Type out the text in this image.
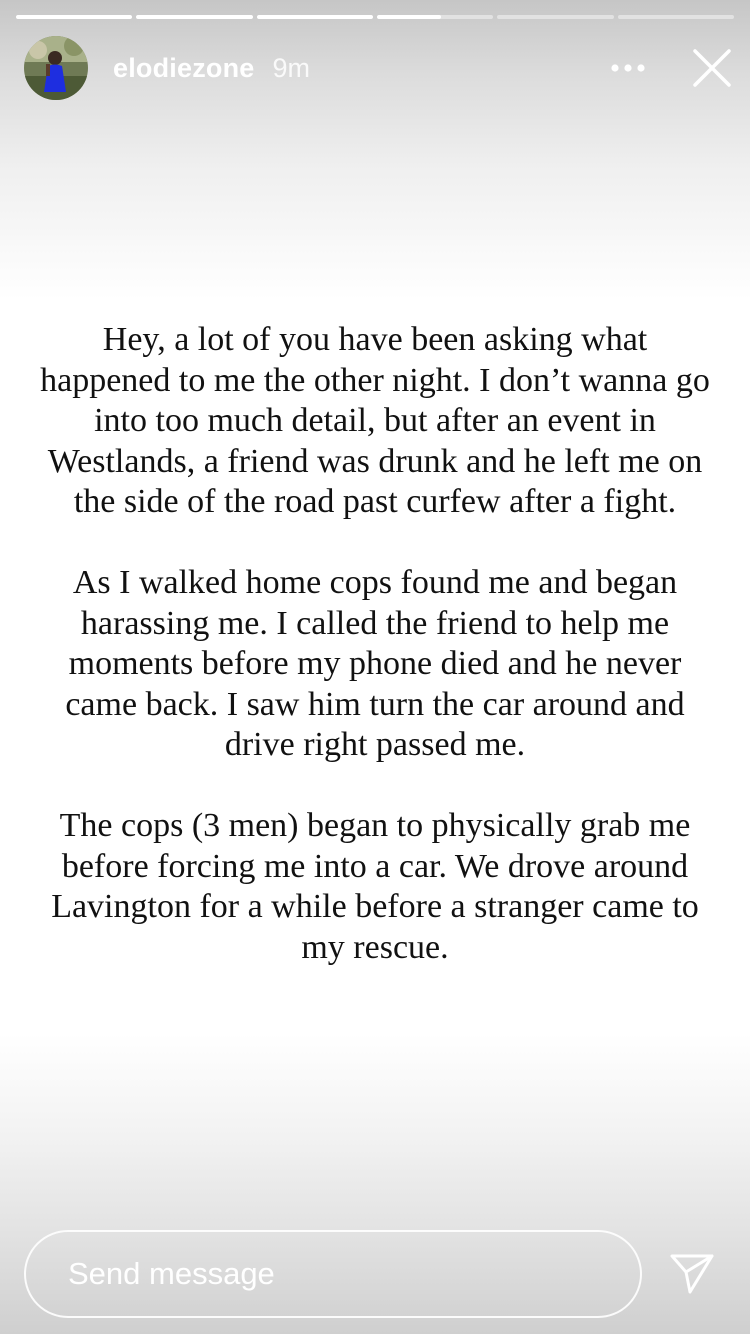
elodiezone 9m

Hey, a lot of you have been asking what happened to me the other night. I don’t wanna go into too much detail, but after an event in Westlands, a friend was drunk and he left me on the side of the road past curfew after a fight.

As I walked home cops found me and began harassing me. I called the friend to help me moments before my phone died and he never came back. I saw him turn the car around and drive right passed me.

The cops (3 men) began to physically grab me before forcing me into a car. We drove around Lavington for a while before a stranger came to my rescue.

Send message
